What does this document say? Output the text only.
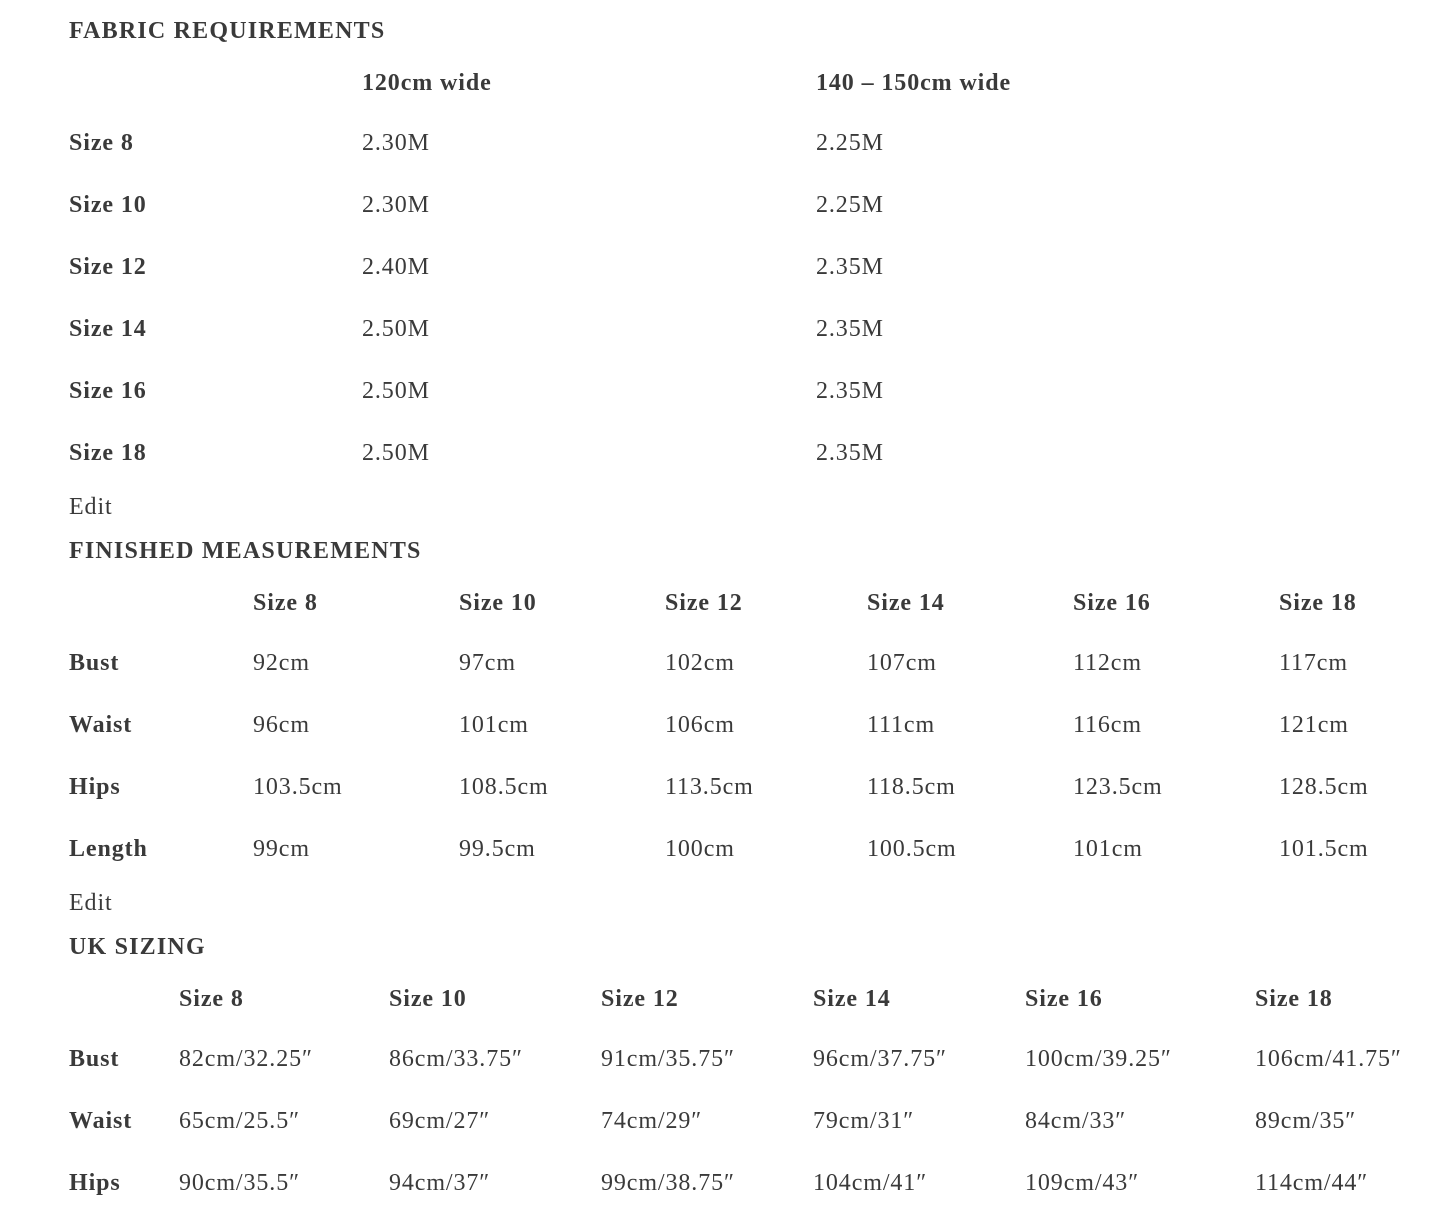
FABRIC REQUIREMENTS
120cm wide	140 – 150cm wide
Size 8	2.30M	2.25M
Size 10	2.30M	2.25M
Size 12	2.40M	2.35M
Size 14	2.50M	2.35M
Size 16	2.50M	2.35M
Size 18	2.50M	2.35M
Edit
FINISHED MEASUREMENTS
Size 8	Size 10	Size 12	Size 14	Size 16	Size 18
Bust	92cm	97cm	102cm	107cm	112cm	117cm
Waist	96cm	101cm	106cm	111cm	116cm	121cm
Hips	103.5cm	108.5cm	113.5cm	118.5cm	123.5cm	128.5cm
Length	99cm	99.5cm	100cm	100.5cm	101cm	101.5cm
Edit
UK SIZING
Size 8	Size 10	Size 12	Size 14	Size 16	Size 18
Bust 82cm/32.25″	86cm/33.75″	91cm/35.75″	96cm/37.75″	100cm/39.25″	106cm/41.75″
Waist 65cm/25.5″	69cm/27″	74cm/29″	79cm/31″	84cm/33″	89cm/35″
Hips 90cm/35.5″	94cm/37″	99cm/38.75″	104cm/41″	109cm/43″	114cm/44″
